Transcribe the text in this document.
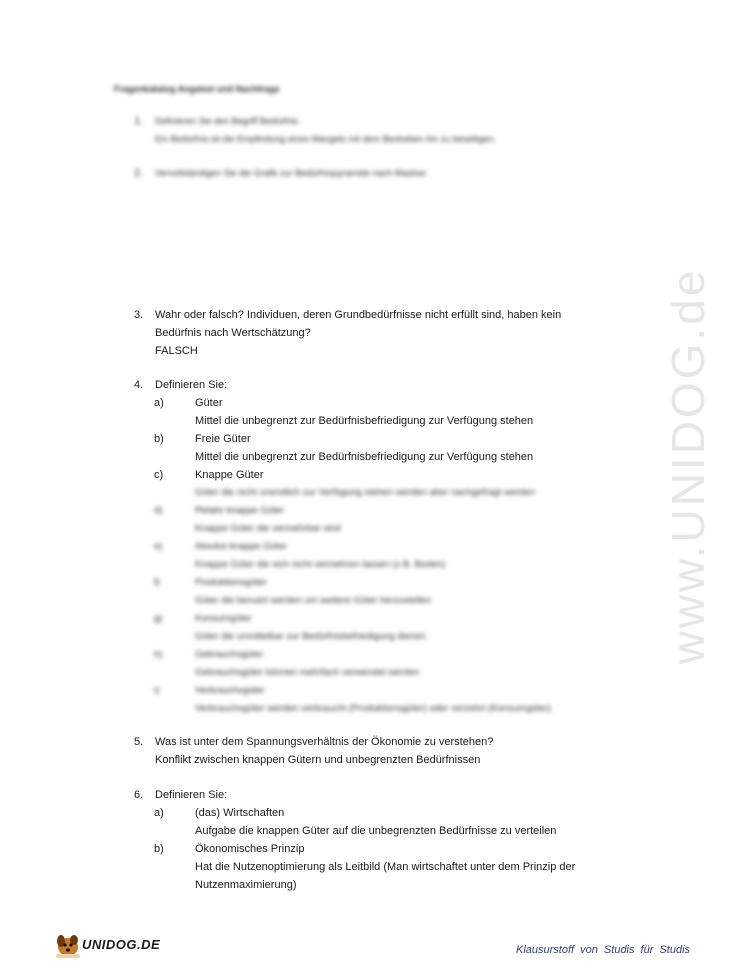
www.UNIDOG.de
Fragenkatalog Angebot und Nachfrage
1.	Definieren Sie den Begriff Bedürfnis.
Ein Bedürfnis ist die Empfindung eines Mangels mit dem Bestreben ihn zu beseitigen.
2.	Vervollständigen Sie die Grafik zur Bedürfnispyramide nach Maslow:
3.	Wahr oder falsch? Individuen, deren Grundbedürfnisse nicht erfüllt sind, haben kein
Bedürfnis nach Wertschätzung?
FALSCH
4.	Definieren Sie:
a)	Güter
Mittel die unbegrenzt zur Bedürfnisbefriedigung zur Verfügung stehen
b)	Freie Güter
Mittel die unbegrenzt zur Bedürfnisbefriedigung zur Verfügung stehen
c)	Knappe Güter
Güter die nicht unendlich zur Verfügung stehen werden aber nachgefragt werden
d)	Relativ knappe Güter
Knappe Güter die vermehrbar sind
e)	Absolut knappe Güter
Knappe Güter die sich nicht vermehren lassen (z.B. Boden)
f)	Produktionsgüter
Güter die benutzt werden um weitere Güter herzustellen
g)	Konsumgüter
Güter die unmittelbar zur Bedürfnisbefriedigung dienen
h)	Gebrauchsgüter
Gebrauchsgüter können mehrfach verwendet werden
i)	Verbrauchsgüter
Verbrauchsgüter werden verbraucht (Produktionsgüter) oder verzehrt (Konsumgüter)
5.	Was ist unter dem Spannungsverhältnis der Ökonomie zu verstehen?
Konflikt zwischen knappen Gütern und unbegrenzten Bedürfnissen
6.	Definieren Sie:
a)	(das) Wirtschaften
Aufgabe die knappen Güter auf die unbegrenzten Bedürfnisse zu verteilen
b)	Ökonomisches Prinzip
Hat die Nutzenoptimierung als Leitbild (Man wirtschaftet unter dem Prinzip der
Nutzenmaximierung)
UNIDOG.DE	Klausurstoff von Studis für Studis
